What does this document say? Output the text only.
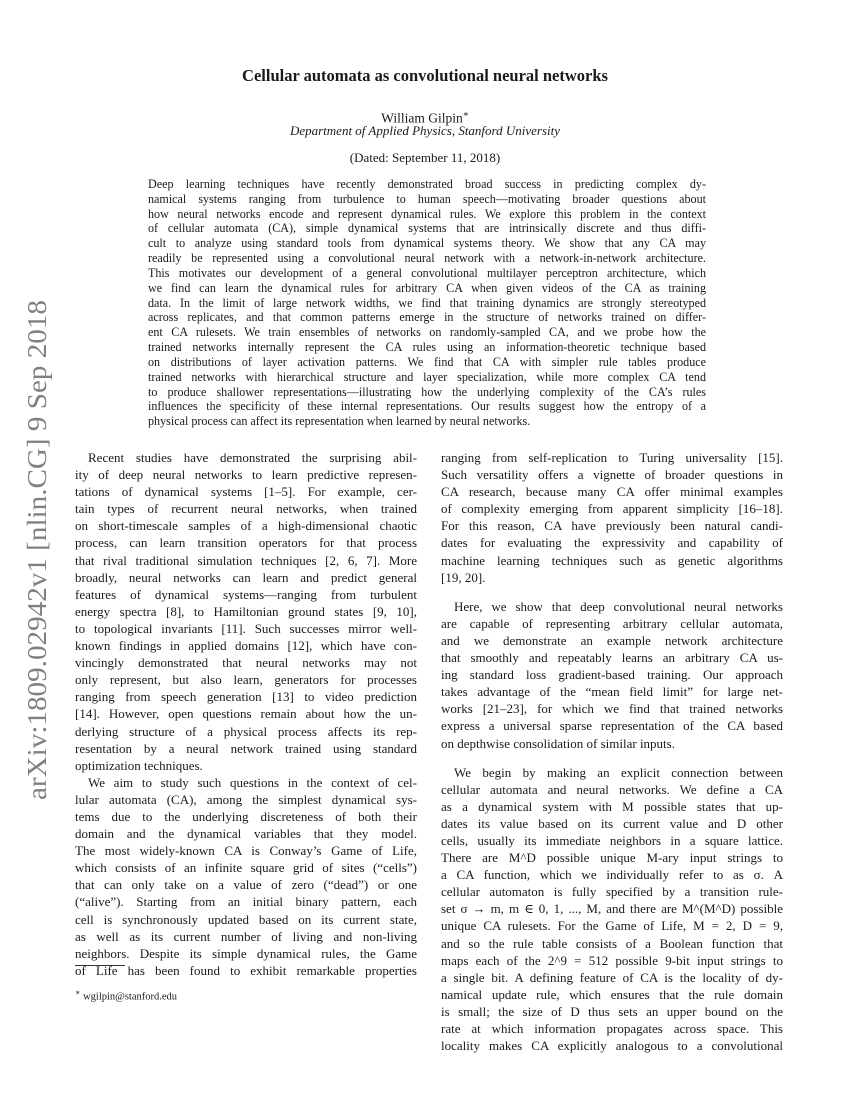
arXiv:1809.02942v1 [nlin.CG] 9 Sep 2018
Cellular automata as convolutional neural networks
William Gilpin∗
Department of Applied Physics, Stanford University
(Dated: September 11, 2018)
Deep learning techniques have recently demonstrated broad success in predicting complex dy-
namical systems ranging from turbulence to human speech—motivating broader questions about
how neural networks encode and represent dynamical rules. We explore this problem in the context
of cellular automata (CA), simple dynamical systems that are intrinsically discrete and thus diffi-
cult to analyze using standard tools from dynamical systems theory. We show that any CA may
readily be represented using a convolutional neural network with a network-in-network architecture.
This motivates our development of a general convolutional multilayer perceptron architecture, which
we find can learn the dynamical rules for arbitrary CA when given videos of the CA as training
data. In the limit of large network widths, we find that training dynamics are strongly stereotyped
across replicates, and that common patterns emerge in the structure of networks trained on differ-
ent CA rulesets. We train ensembles of networks on randomly-sampled CA, and we probe how the
trained networks internally represent the CA rules using an information-theoretic technique based
on distributions of layer activation patterns. We find that CA with simpler rule tables produce
trained networks with hierarchical structure and layer specialization, while more complex CA tend
to produce shallower representations—illustrating how the underlying complexity of the CA’s rules
influences the specificity of these internal representations. Our results suggest how the entropy of a
physical process can affect its representation when learned by neural networks.
Recent studies have demonstrated the surprising abil-
ity of deep neural networks to learn predictive represen-
tations of dynamical systems [1–5]. For example, cer-
tain types of recurrent neural networks, when trained
on short-timescale samples of a high-dimensional chaotic
process, can learn transition operators for that process
that rival traditional simulation techniques [2, 6, 7]. More
broadly, neural networks can learn and predict general
features of dynamical systems—ranging from turbulent
energy spectra [8], to Hamiltonian ground states [9, 10],
to topological invariants [11]. Such successes mirror well-
known findings in applied domains [12], which have con-
vincingly demonstrated that neural networks may not
only represent, but also learn, generators for processes
ranging from speech generation [13] to video prediction
[14]. However, open questions remain about how the un-
derlying structure of a physical process affects its rep-
resentation by a neural network trained using standard
optimization techniques.
We aim to study such questions in the context of cel-
lular automata (CA), among the simplest dynamical sys-
tems due to the underlying discreteness of both their
domain and the dynamical variables that they model.
The most widely-known CA is Conway’s Game of Life,
which consists of an infinite square grid of sites (“cells”)
that can only take on a value of zero (“dead”) or one
(“alive”). Starting from an initial binary pattern, each
cell is synchronously updated based on its current state,
as well as its current number of living and non-living
neighbors. Despite its simple dynamical rules, the Game
of Life has been found to exhibit remarkable properties
ranging from self-replication to Turing universality [15].
Such versatility offers a vignette of broader questions in
CA research, because many CA offer minimal examples
of complexity emerging from apparent simplicity [16–18].
For this reason, CA have previously been natural candi-
dates for evaluating the expressivity and capability of
machine learning techniques such as genetic algorithms
[19, 20].
Here, we show that deep convolutional neural networks
are capable of representing arbitrary cellular automata,
and we demonstrate an example network architecture
that smoothly and repeatably learns an arbitrary CA us-
ing standard loss gradient-based training. Our approach
takes advantage of the “mean field limit” for large net-
works [21–23], for which we find that trained networks
express a universal sparse representation of the CA based
on depthwise consolidation of similar inputs.
We begin by making an explicit connection between
cellular automata and neural networks. We define a CA
as a dynamical system with M possible states that up-
dates its value based on its current value and D other
cells, usually its immediate neighbors in a square lattice.
There are M^D possible unique M-ary input strings to
a CA function, which we individually refer to as σ. A
cellular automaton is fully specified by a transition rule-
set σ → m, m ∈ 0, 1, ..., M, and there are M^(M^D) possible
unique CA rulesets. For the Game of Life, M = 2, D = 9,
and so the rule table consists of a Boolean function that
maps each of the 2^9 = 512 possible 9-bit input strings to
a single bit. A defining feature of CA is the locality of dy-
namical update rule, which ensures that the rule domain
is small; the size of D thus sets an upper bound on the
rate at which information propagates across space. This
locality makes CA explicitly analogous to a convolutional
∗ wgilpin@stanford.edu
